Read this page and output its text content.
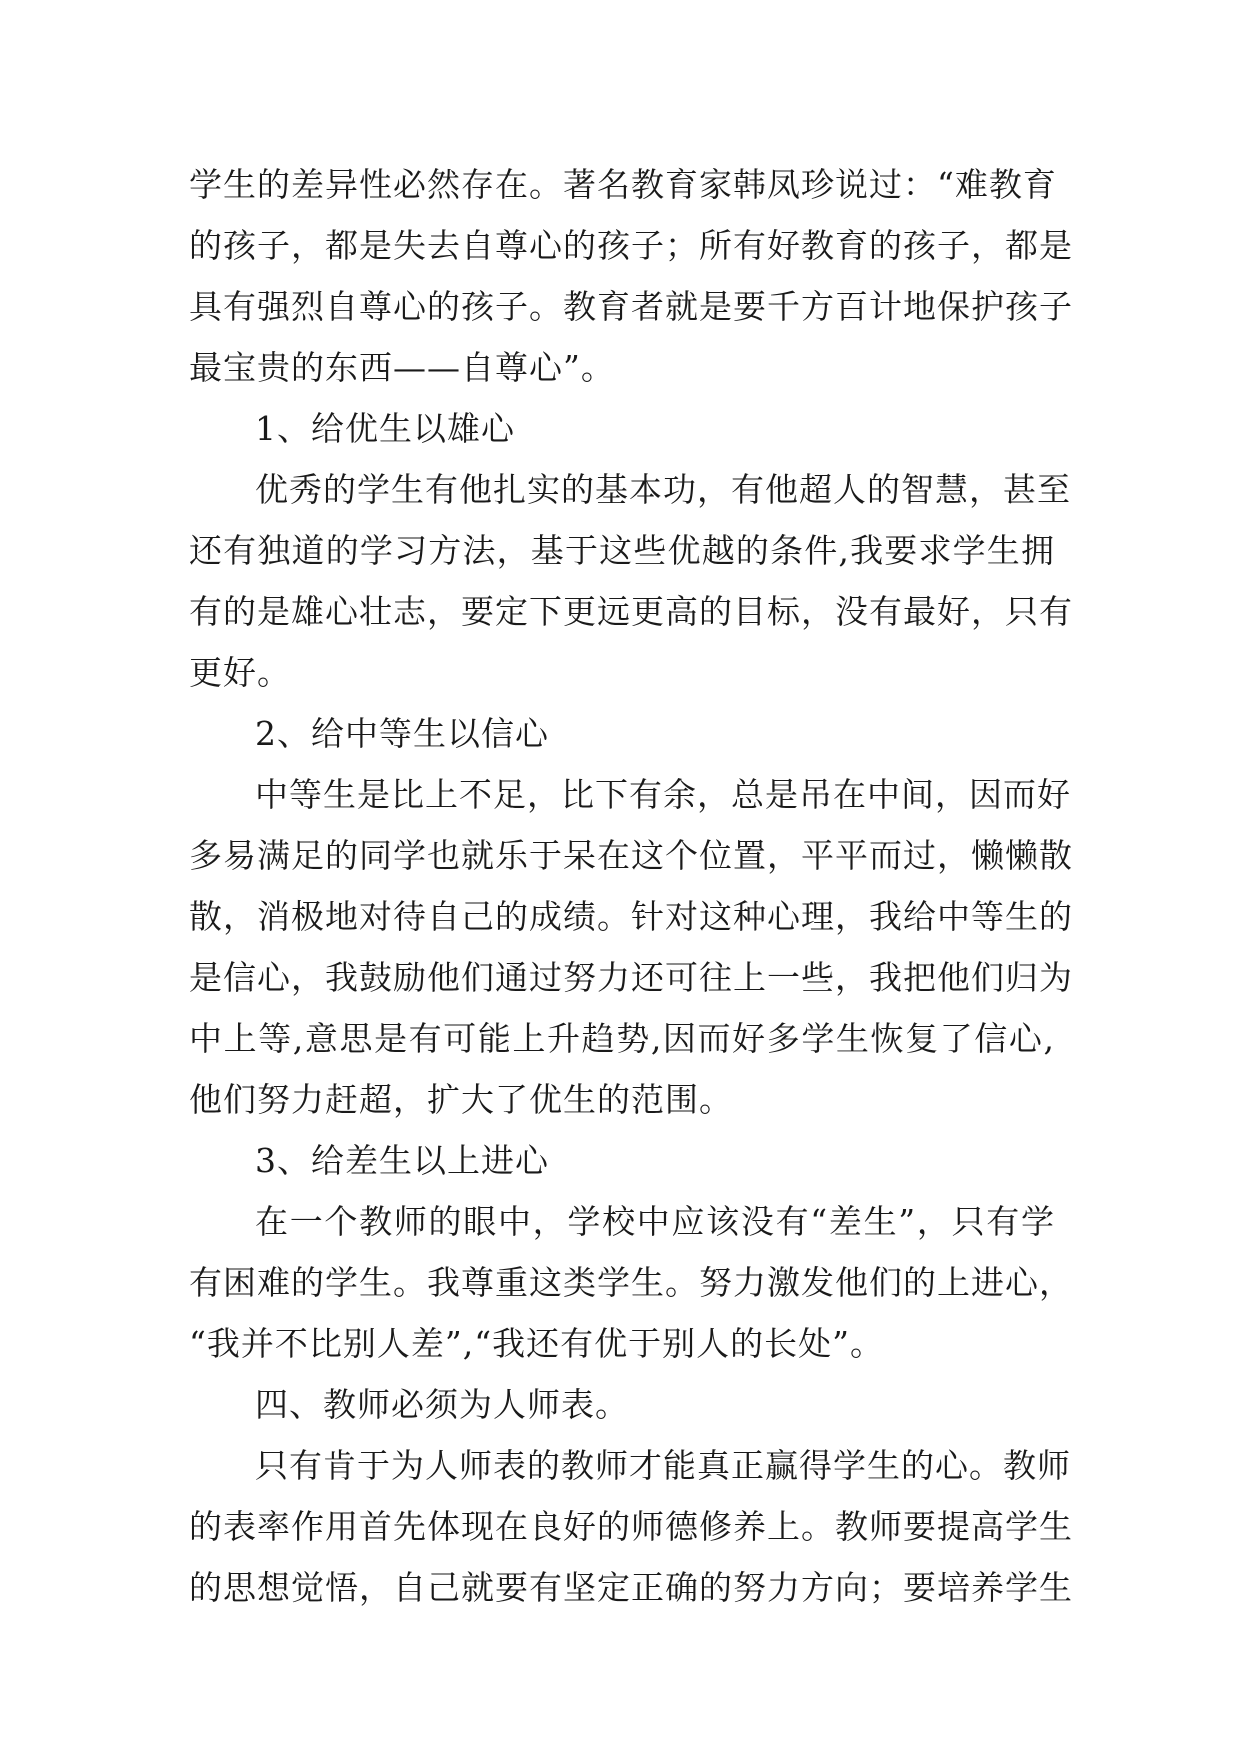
学生的差异性必然存在。著名教育家韩凤珍说过：“难教育
的孩子，都是失去自尊心的孩子；所有好教育的孩子，都是
具有强烈自尊心的孩子。教育者就是要千方百计地保护孩子
最宝贵的东西——自尊心”。
1、给优生以雄心
优秀的学生有他扎实的基本功，有他超人的智慧，甚至
还有独道的学习方法，基于这些优越的条件,我要求学生拥
有的是雄心壮志，要定下更远更高的目标，没有最好，只有
更好。
2、给中等生以信心
中等生是比上不足，比下有余，总是吊在中间，因而好
多易满足的同学也就乐于呆在这个位置，平平而过，懒懒散
散，消极地对待自己的成绩。针对这种心理，我给中等生的
是信心，我鼓励他们通过努力还可往上一些，我把他们归为
中上等,意思是有可能上升趋势,因而好多学生恢复了信心,
他们努力赶超，扩大了优生的范围。
3、给差生以上进心
在一个教师的眼中，学校中应该没有“差生”，只有学
有困难的学生。我尊重这类学生。努力激发他们的上进心，
“我并不比别人差”,“我还有优于别人的长处”。
四、教师必须为人师表。
只有肯于为人师表的教师才能真正赢得学生的心。教师
的表率作用首先体现在良好的师德修养上。教师要提高学生
的思想觉悟，自己就要有坚定正确的努力方向；要培养学生
